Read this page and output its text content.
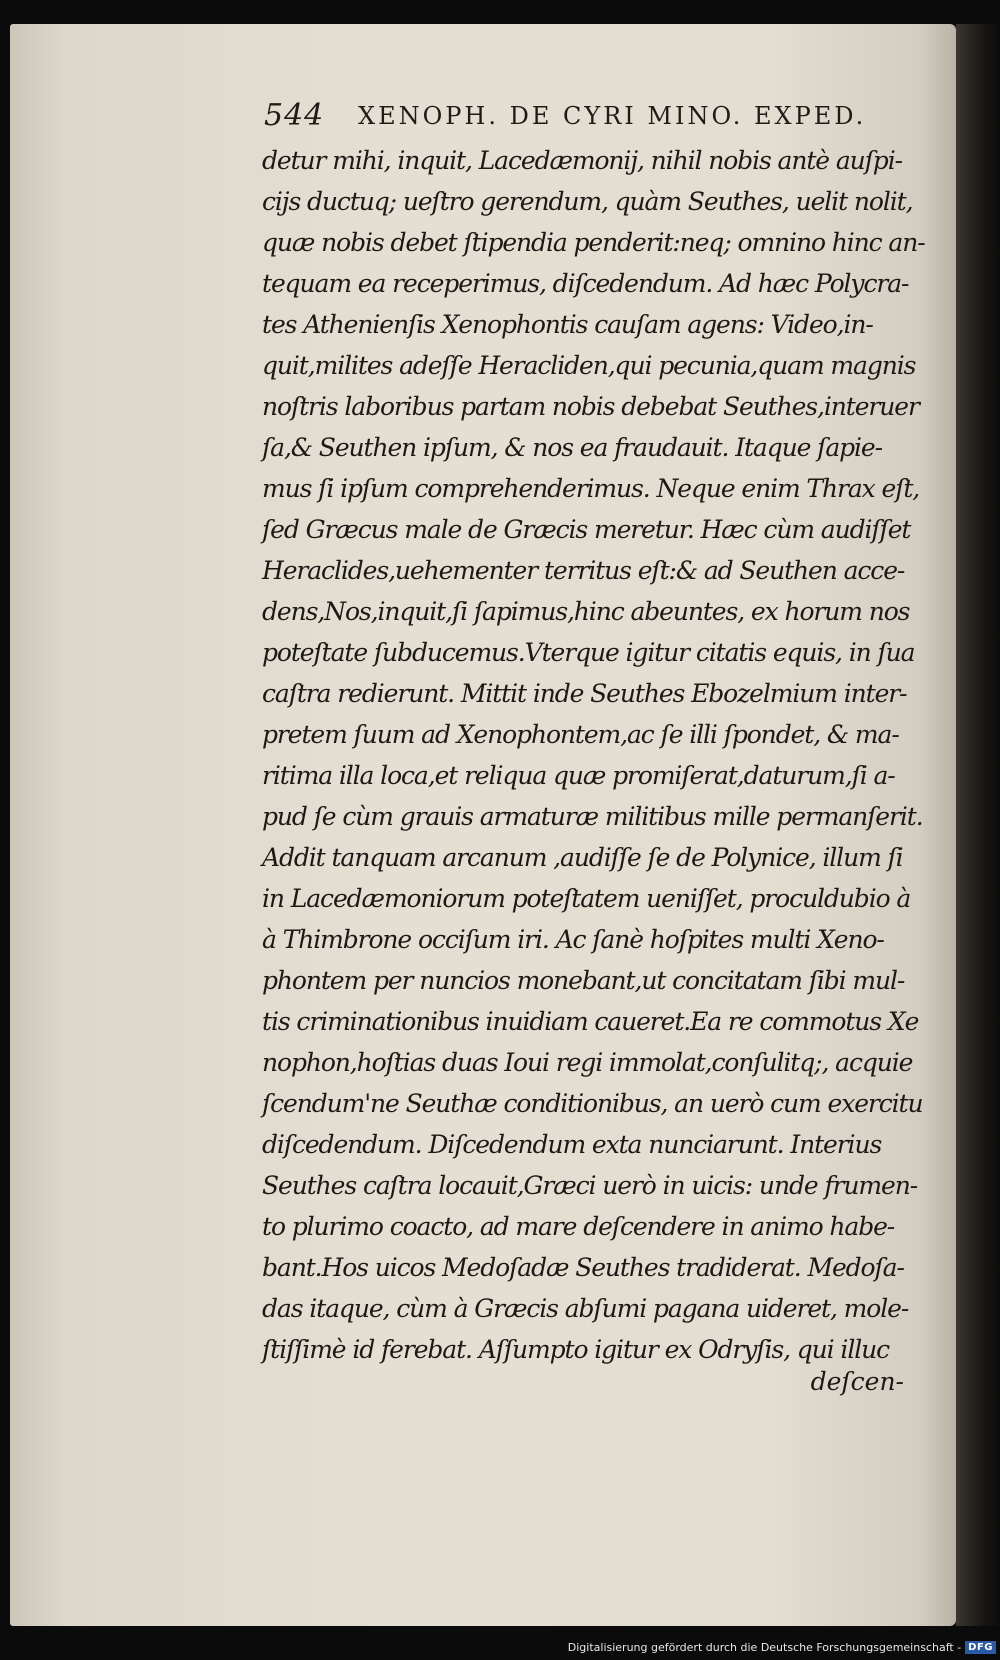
544 XENOPH. DE CYRI MINO. EXPED.
detur mihi, inquit, Lacedæmonij, nihil nobis antè auſpi-
cijs ductuq; ueſtro gerendum, quàm Seuthes, uelit nolit,
quæ nobis debet ſtipendia penderit:neq; omnino hinc an-
tequam ea receperimus, diſcedendum. Ad hæc Polycra-
tes Athenienſis Xenophontis cauſam agens: Video,in-
quit,milites adeſſe Heracliden,qui pecunia,quam magnis
noſtris laboribus partam nobis debebat Seuthes,interuer
ſa,& Seuthen ipſum, & nos ea fraudauit. Itaque ſapie-
mus ſi ipſum comprehenderimus. Neque enim Thrax eſt,
ſed Græcus male de Græcis meretur. Hæc cùm audiſſet
Heraclides,uehementer territus eſt:& ad Seuthen acce-
dens,Nos,inquit,ſi ſapimus,hinc abeuntes, ex horum nos
poteſtate ſubducemus.Vterque igitur citatis equis, in ſua
caſtra redierunt. Mittit inde Seuthes Ebozelmium inter-
pretem ſuum ad Xenophontem,ac ſe illi ſpondet, & ma-
ritima illa loca,et reliqua quæ promiſerat,daturum,ſi a-
pud ſe cùm grauis armaturæ militibus mille permanſerit.
Addit tanquam arcanum ,audiſſe ſe de Polynice, illum ſi
in Lacedæmoniorum poteſtatem ueniſſet, proculdubio à
à Thimbrone occiſum iri. Ac ſanè hoſpites multi Xeno-
phontem per nuncios monebant,ut concitatam ſibi mul-
tis criminationibus inuidiam caueret.Ea re commotus Xe
nophon,hoſtias duas Ioui regi immolat,conſulitq;, acquie
ſcendum'ne Seuthæ conditionibus, an uerò cum exercitu
diſcedendum. Diſcedendum exta nunciarunt. Interius
Seuthes caſtra locauit,Græci uerò in uicis: unde frumen-
to plurimo coacto, ad mare deſcendere in animo habe-
bant.Hos uicos Medoſadæ Seuthes tradiderat. Medoſa-
das itaque, cùm à Græcis abſumi pagana uideret, mole-
ſtiſſimè id ferebat. Aſſumpto igitur ex Odryſis, qui illuc
deſcen-
Digitalisierung gefördert durch die Deutsche Forschungsgemeinschaft - DFG
